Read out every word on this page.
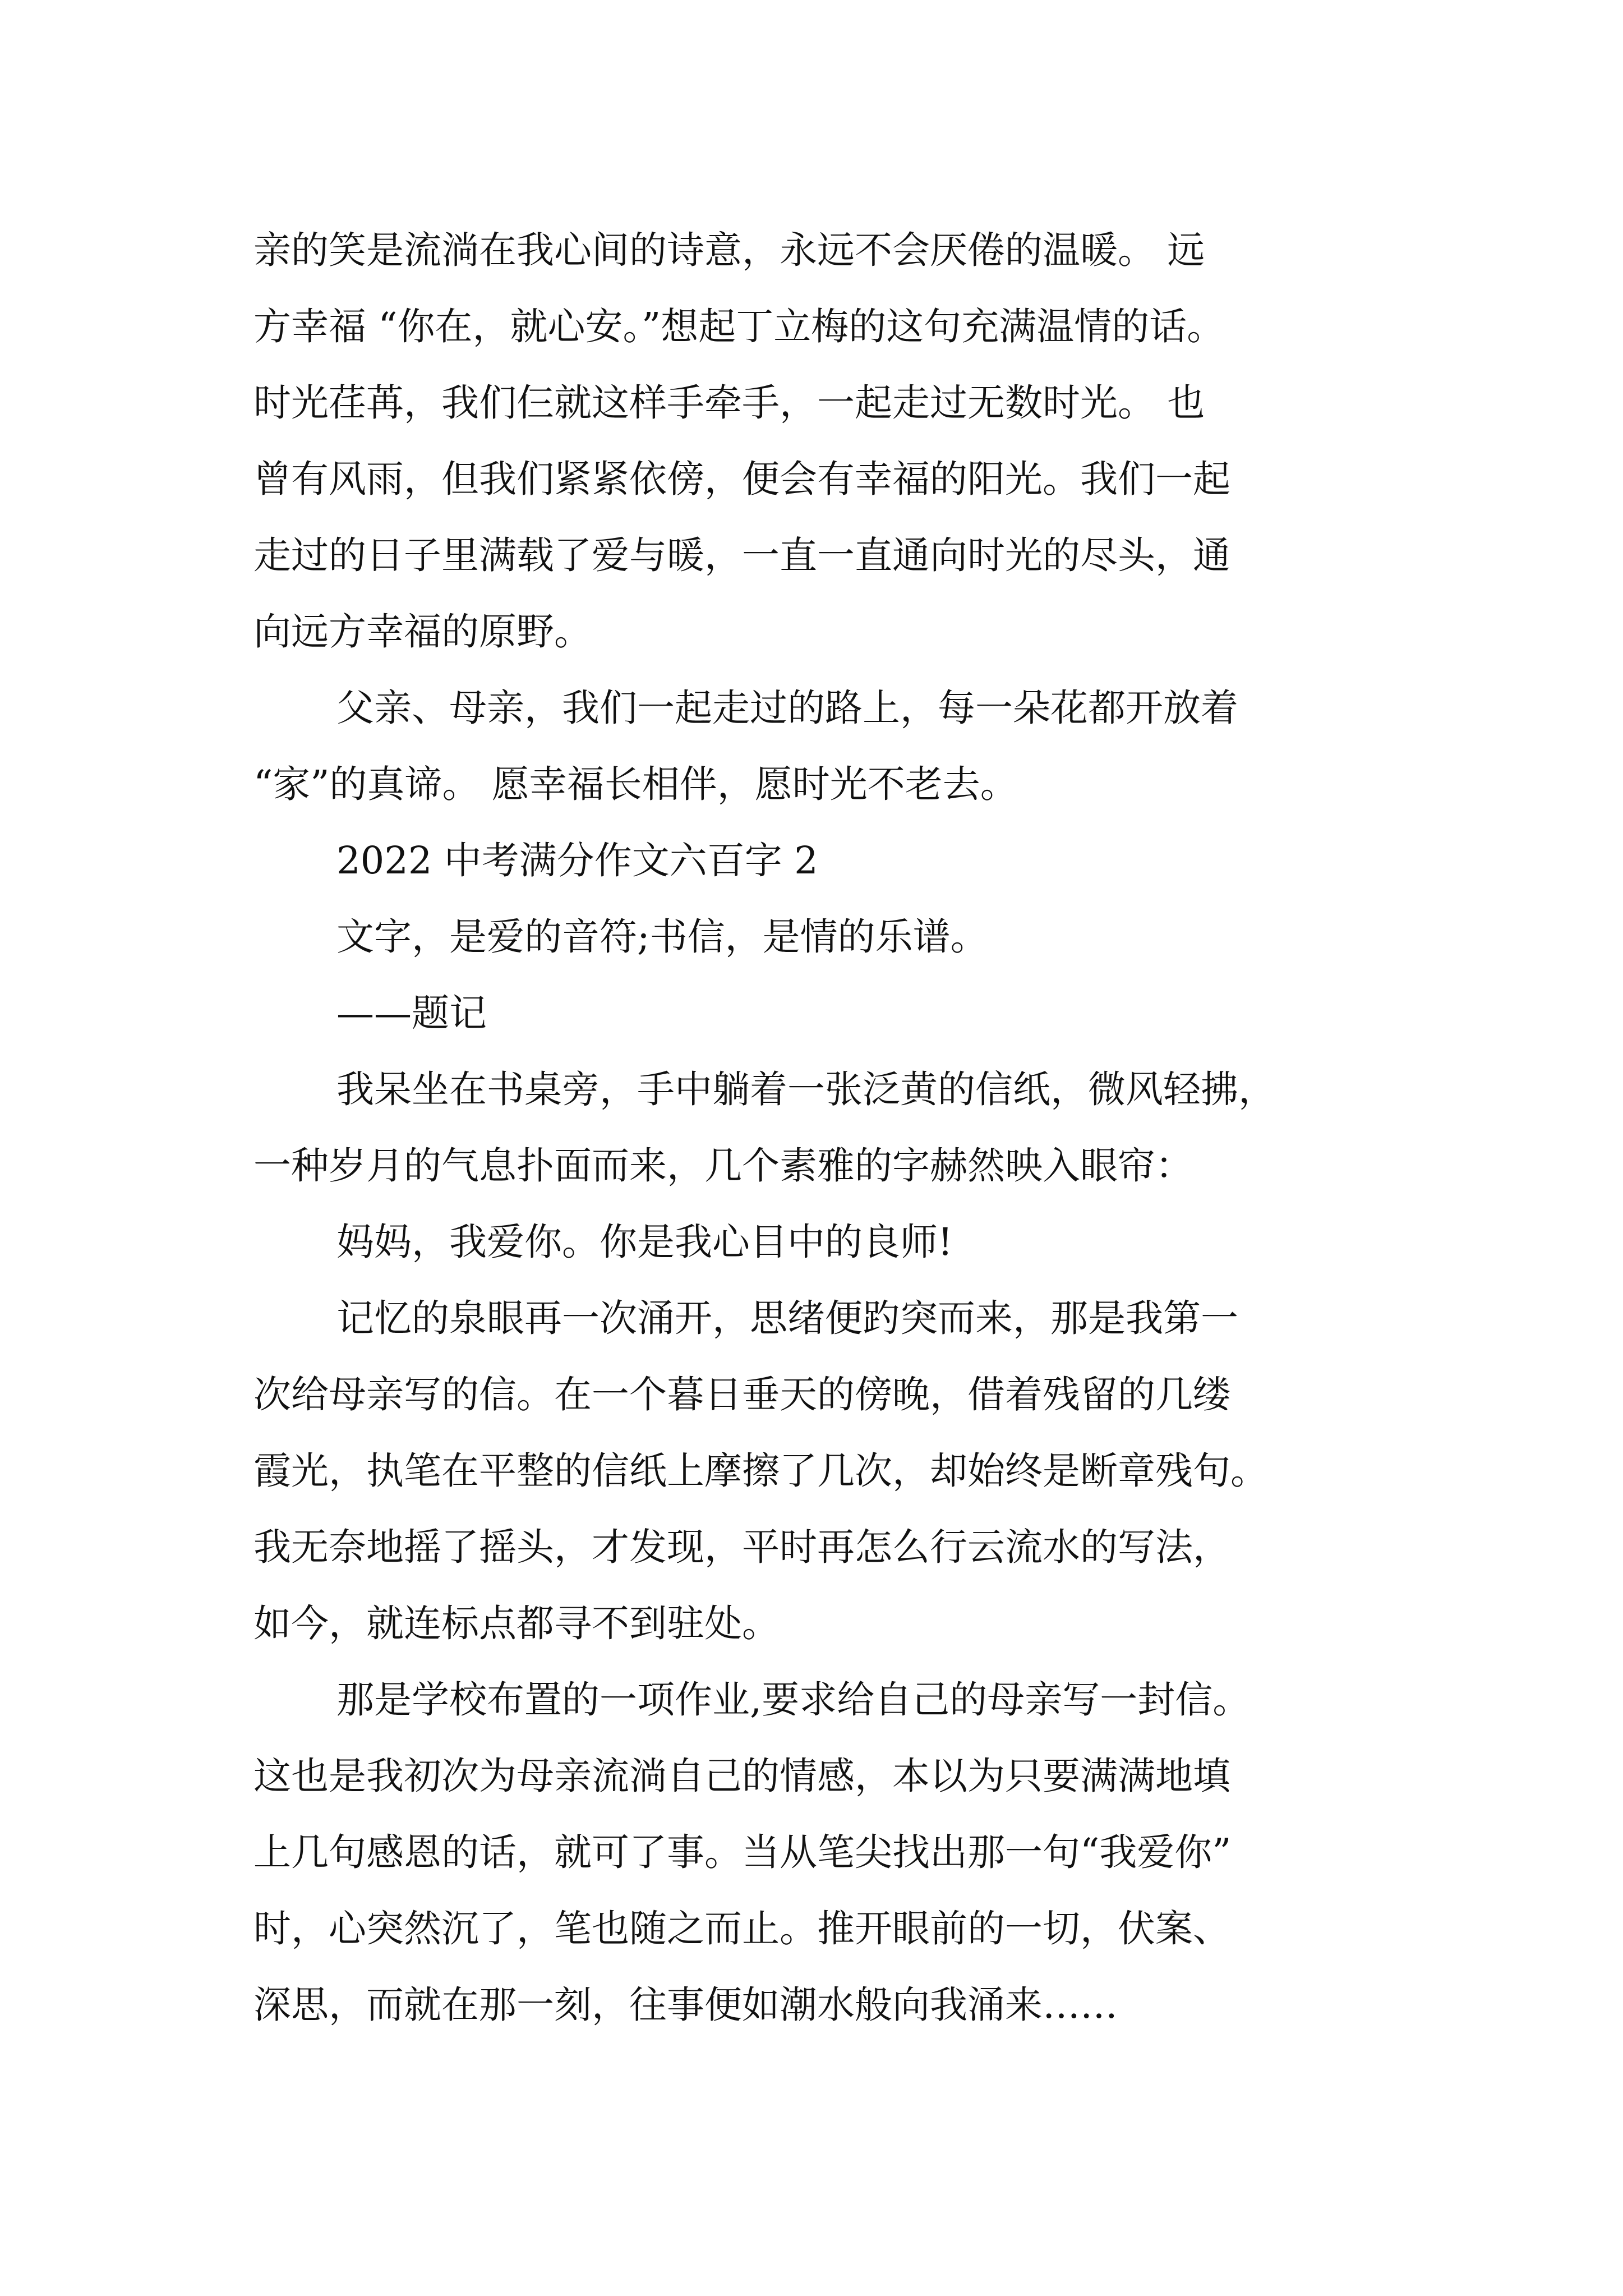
亲的笑是流淌在我心间的诗意，永远不会厌倦的温暖。 远
方幸福 “你在，就心安。”想起丁立梅的这句充满温情的话。
时光荏苒，我们仨就这样手牵手，一起走过无数时光。 也
曾有风雨，但我们紧紧依傍，便会有幸福的阳光。我们一起
走过的日子里满载了爱与暖，一直一直通向时光的尽头，通
向远方幸福的原野。

父亲、母亲，我们一起走过的路上，每一朵花都开放着
“家”的真谛。 愿幸福长相伴，愿时光不老去。

2022 中考满分作文六百字 2

文字，是爱的音符;书信，是情的乐谱。

——题记

我呆坐在书桌旁，手中躺着一张泛黄的信纸，微风轻拂，
一种岁月的气息扑面而来，几个素雅的字赫然映入眼帘：

妈妈，我爱你。你是我心目中的良师!

记忆的泉眼再一次涌开，思绪便趵突而来，那是我第一
次给母亲写的信。在一个暮日垂天的傍晚，借着残留的几缕
霞光，执笔在平整的信纸上摩擦了几次，却始终是断章残句。
我无奈地摇了摇头，才发现，平时再怎么行云流水的写法，
如今，就连标点都寻不到驻处。

那是学校布置的一项作业,要求给自己的母亲写一封信。
这也是我初次为母亲流淌自己的情感，本以为只要满满地填
上几句感恩的话，就可了事。当从笔尖找出那一句“我爱你”
时，心突然沉了，笔也随之而止。推开眼前的一切，伏案、
深思，而就在那一刻，往事便如潮水般向我涌来……
